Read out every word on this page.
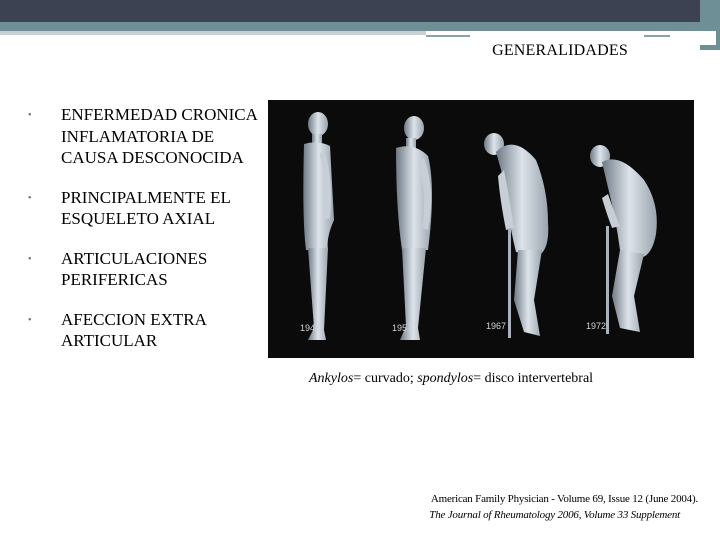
GENERALIDADES
• ENFERMEDAD CRONICA INFLAMATORIA DE CAUSA DESCONOCIDA
• PRINCIPALMENTE EL ESQUELETO AXIAL
• ARTICULACIONES PERIFERICAS
• AFECCION EXTRA ARTICULAR
1947	1957	1967	1972
Ankylos= curvado; spondylos= disco intervertebral
American Family Physician - Volume 69, Issue 12 (June 2004).
The Journal of Rheumatology 2006, Volume 33 Supplement
